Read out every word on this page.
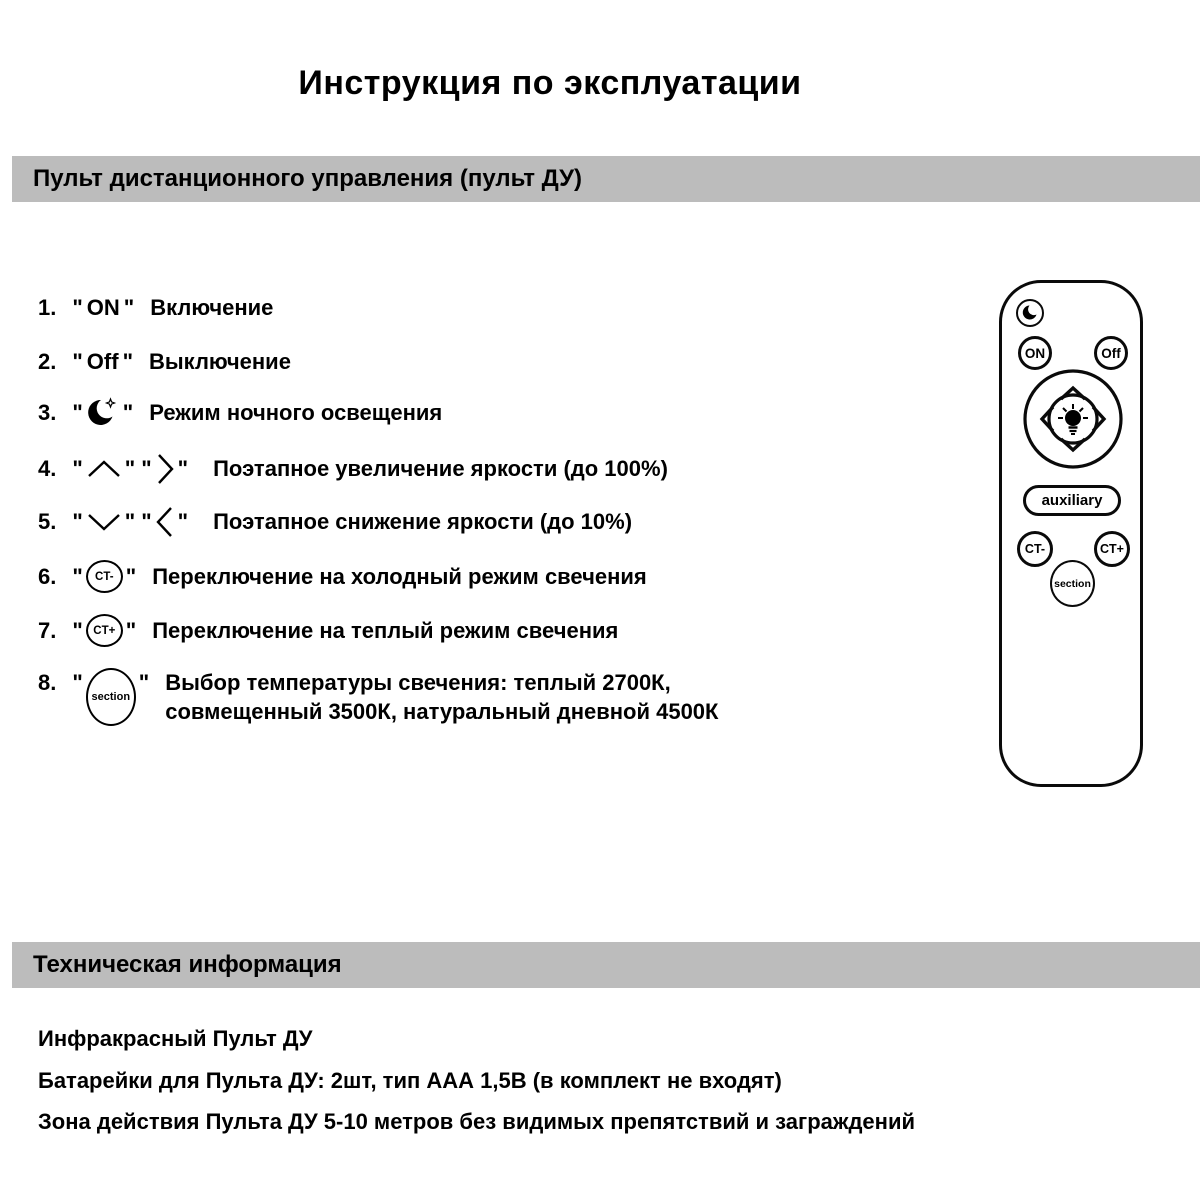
Инструкция по эксплуатации
Пульт дистанционного управления (пульт ДУ)
1. " ON " Включение
2. " Off " Выключение
3. " " Режим ночного освещения
4. " " " " Поэтапное увеличение яркости (до 100%)
5. " " " " Поэтапное снижение яркости (до 10%)
6. "	CT- " Переключение на холодный режим свечения
7. " CT+ " Переключение на теплый режим свечения
8. "
section
" Выбор температуры свечения: теплый 2700К,
совмещенный 3500К, натуральный дневной 4500К
ON	Off
auxiliary
CT-	CT+
section
Техническая информация
Инфракрасный Пульт ДУ
Батарейки для Пульта ДУ: 2шт, тип ААА 1,5В (в комплект не входят)
Зона действия Пульта ДУ 5-10 метров без видимых препятствий и заграждений
